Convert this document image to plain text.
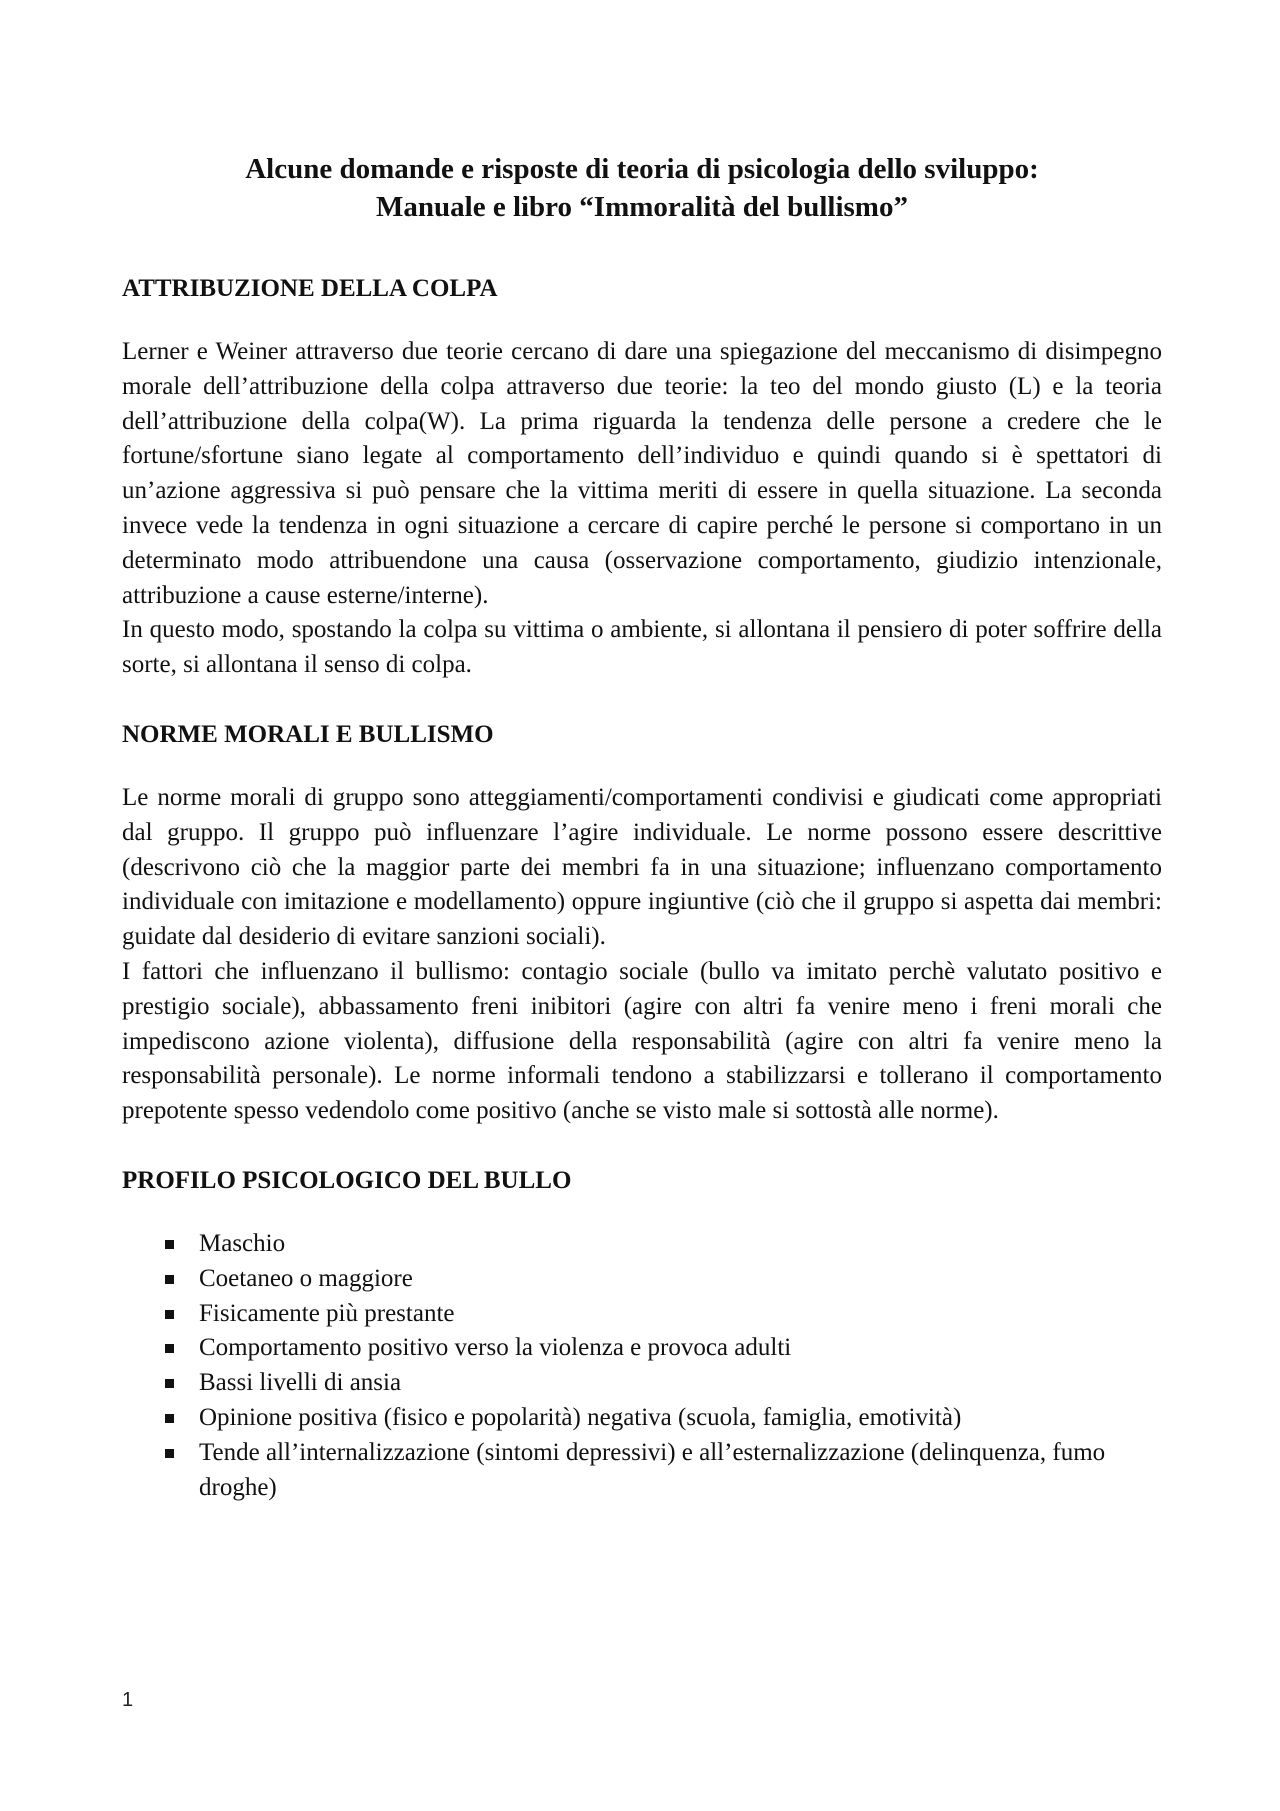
Alcune domande e risposte di teoria di psicologia dello sviluppo:
Manuale e libro “Immoralità del bullismo”
ATTRIBUZIONE DELLA COLPA

Lerner e Weiner attraverso due teorie cercano di dare una spiegazione del meccanismo di disimpegno morale dell’attribuzione della colpa attraverso due teorie: la teo del mondo giusto (L) e la teoria dell’attribuzione della colpa(W). La prima riguarda la tendenza delle persone a credere che le fortune/sfortune siano legate al comportamento dell’individuo e quindi quando si è spettatori di un’azione aggressiva si può pensare che la vittima meriti di essere in quella situazione. La seconda invece vede la tendenza in ogni situazione a cercare di capire perché le persone si comportano in un determinato modo attribuendone una causa (osservazione comportamento, giudizio intenzionale, attribuzione a cause esterne/interne).

In questo modo, spostando la colpa su vittima o ambiente, si allontana il pensiero di poter soffrire della sorte, si allontana il senso di colpa.

NORME MORALI E BULLISMO

Le norme morali di gruppo sono atteggiamenti/comportamenti condivisi e giudicati come appropriati dal gruppo. Il gruppo può influenzare l’agire individuale. Le norme possono essere descrittive (descrivono ciò che la maggior parte dei membri fa in una situazione; influenzano comportamento individuale con imitazione e modellamento) oppure ingiuntive (ciò che il gruppo si aspetta dai membri: guidate dal desiderio di evitare sanzioni sociali).

I fattori che influenzano il bullismo: contagio sociale (bullo va imitato perchè valutato positivo e prestigio sociale), abbassamento freni inibitori (agire con altri fa venire meno i freni morali che impediscono azione violenta), diffusione della responsabilità (agire con altri fa venire meno la responsabilità personale). Le norme informali tendono a stabilizzarsi e tollerano il comportamento prepotente spesso vedendolo come positivo (anche se visto male si sottostà alle norme).

PROFILO PSICOLOGICO DEL BULLO
Maschio
Coetaneo o maggiore
Fisicamente più prestante
Comportamento positivo verso la violenza e provoca adulti
Bassi livelli di ansia
Opinione positiva (fisico e popolarità) negativa (scuola, famiglia, emotività)
Tende all’internalizzazione (sintomi depressivi) e all’esternalizzazione (delinquenza, fumo droghe)
1
